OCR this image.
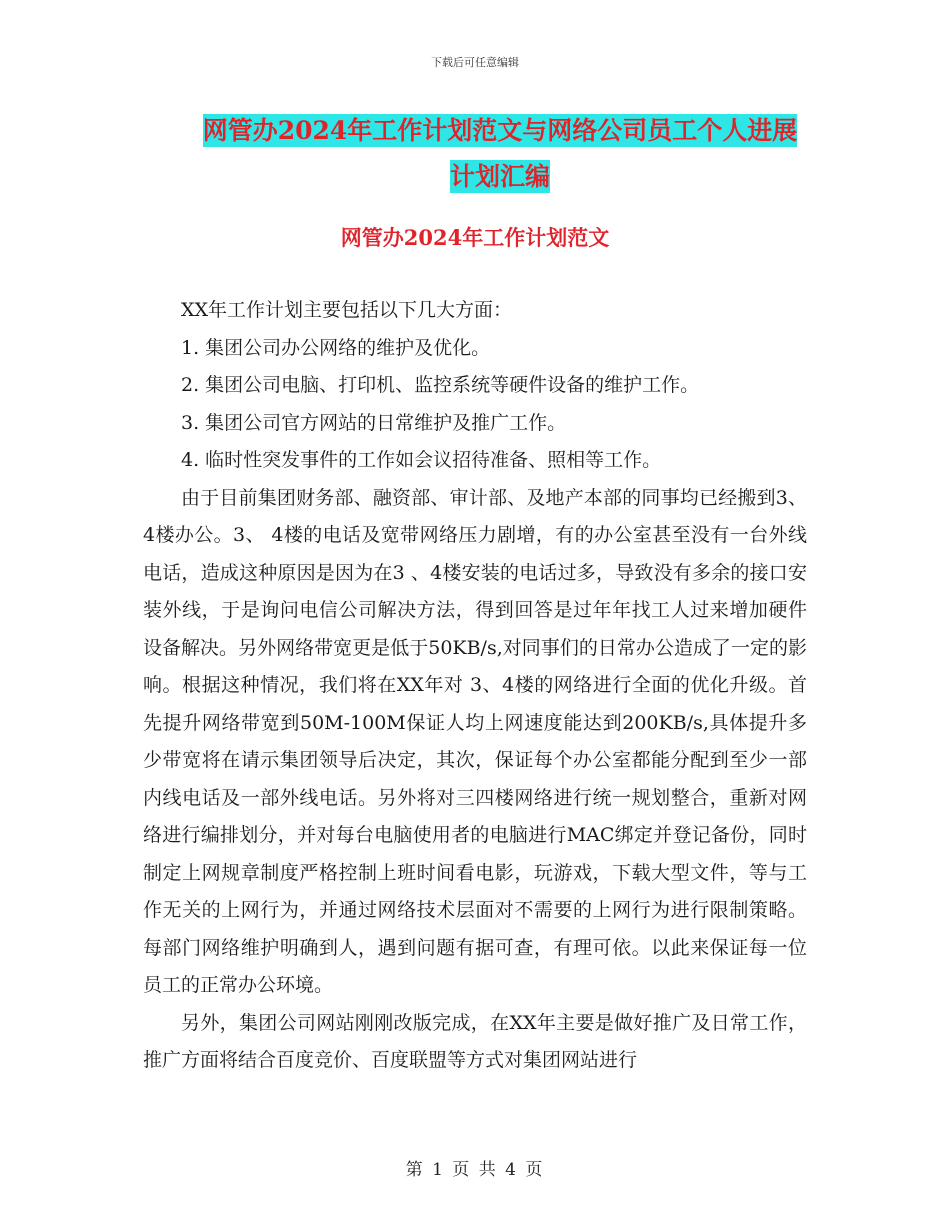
下载后可任意编辑
网管办2024年工作计划范文与网络公司员工个人进展
计划汇编
网管办2024年工作计划范文

XX年工作计划主要包括以下几大方面：

1. 集团公司办公网络的维护及优化。

2. 集团公司电脑、打印机、监控系统等硬件设备的维护工作。

3. 集团公司官方网站的日常维护及推广工作。

4. 临时性突发事件的工作如会议招待准备、照相等工作。

由于目前集团财务部、融资部、审计部、及地产本部的同事均已经搬到3、 4楼办公。3、 4楼的电话及宽带网络压力剧增，有的办公室甚至没有一台外线电话，造成这种原因是因为在3 、4楼安装的电话过多，导致没有多余的接口安装外线，于是询问电信公司解决方法，得到回答是过年年找工人过来增加硬件设备解决。另外网络带宽更是低于50KB/s,对同事们的日常办公造成了一定的影响。根据这种情况，我们将在XX年对 3、4楼的网络进行全面的优化升级。首先提升网络带宽到50M-100M保证人均上网速度能达到200KB/s,具体提升多少带宽将在请示集团领导后决定，其次，保证每个办公室都能分配到至少一部内线电话及一部外线电话。另外将对三四楼网络进行统一规划整合，重新对网络进行编排划分，并对每台电脑使用者的电脑进行MAC绑定并登记备份，同时制定上网规章制度严格控制上班时间看电影，玩游戏，下载大型文件，等与工作无关的上网行为，并通过网络技术层面对不需要的上网行为进行限制策略。每部门网络维护明确到人，遇到问题有据可查，有理可依。以此来保证每一位员工的正常办公环境。

另外，集团公司网站刚刚改版完成，在XX年主要是做好推广及日常工作，推广方面将结合百度竞价、百度联盟等方式对集团网站进行

第 1 页 共 4 页
